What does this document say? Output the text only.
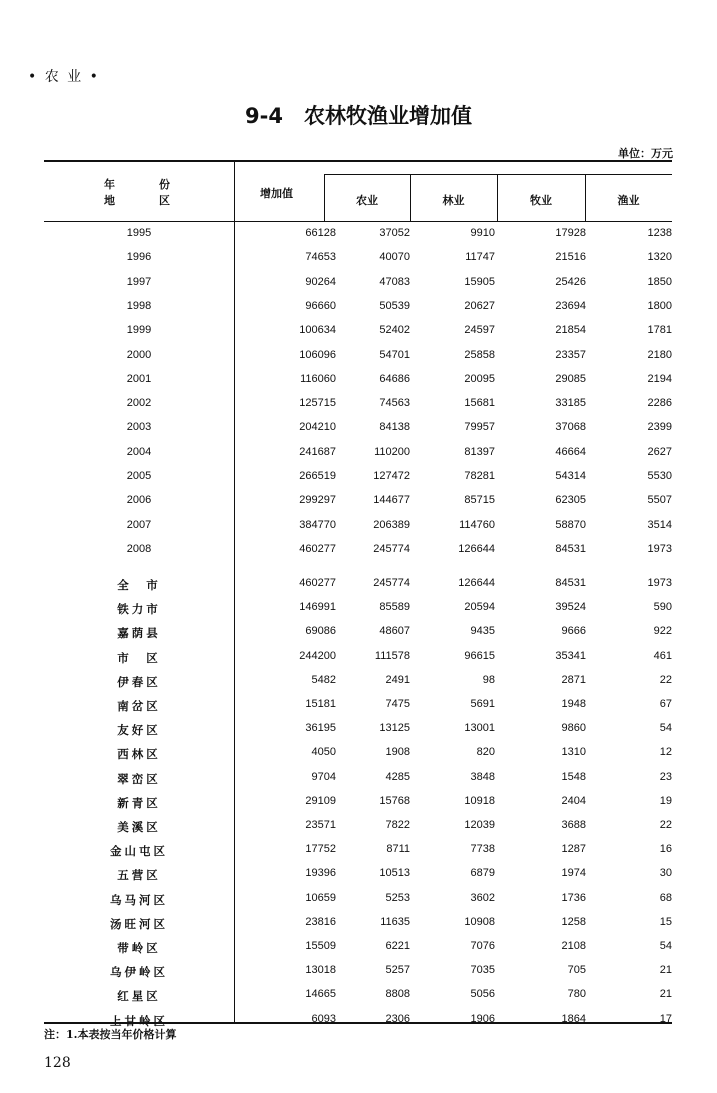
• 农 业 •
9-4　农林牧渔业增加值
单位：万元
年　　　　份
地　　　　区
增加值
农业	林业	牧业	渔业
1995	66128	37052	9910	17928	1238
1996	74653	40070	11747	21516	1320
1997	90264	47083	15905	25426	1850
1998	96660	50539	20627	23694	1800
1999	100634	52402	24597	21854	1781
2000	106096	54701	25858	23357	2180
2001	116060	64686	20095	29085	2194
2002	125715	74563	15681	33185	2286
2003	204210	84138	79957	37068	2399
2004	241687	110200	81397	46664	2627
2005	266519	127472	78281	54314	5530
2006	299297	144677	85715	62305	5507
2007	384770	206389	114760	58870	3514
2008	460277	245774	126644	84531	1973
全　市	460277	245774	126644	84531	1973
铁力市	146991	85589	20594	39524	590
嘉荫县	69086	48607	9435	9666	922
市　区	244200	111578	96615	35341	461
伊春区	5482	2491	98	2871	22
南岔区	15181	7475	5691	1948	67
友好区	36195	13125	13001	9860	54
西林区	4050	1908	820	1310	12
翠峦区	9704	4285	3848	1548	23
新青区	29109	15768	10918	2404	19
美溪区	23571	7822	12039	3688	22
金山屯区	17752	8711	7738	1287	16
五营区	19396	10513	6879	1974	30
乌马河区	10659	5253	3602	1736	68
汤旺河区	23816	11635	10908	1258	15
带岭区	15509	6221	7076	2108	54
乌伊岭区	13018	5257	7035	705	21
红星区	14665	8808	5056	780	21
上甘岭区	6093	2306	1906	1864	17
注：1.本表按当年价格计算
128
